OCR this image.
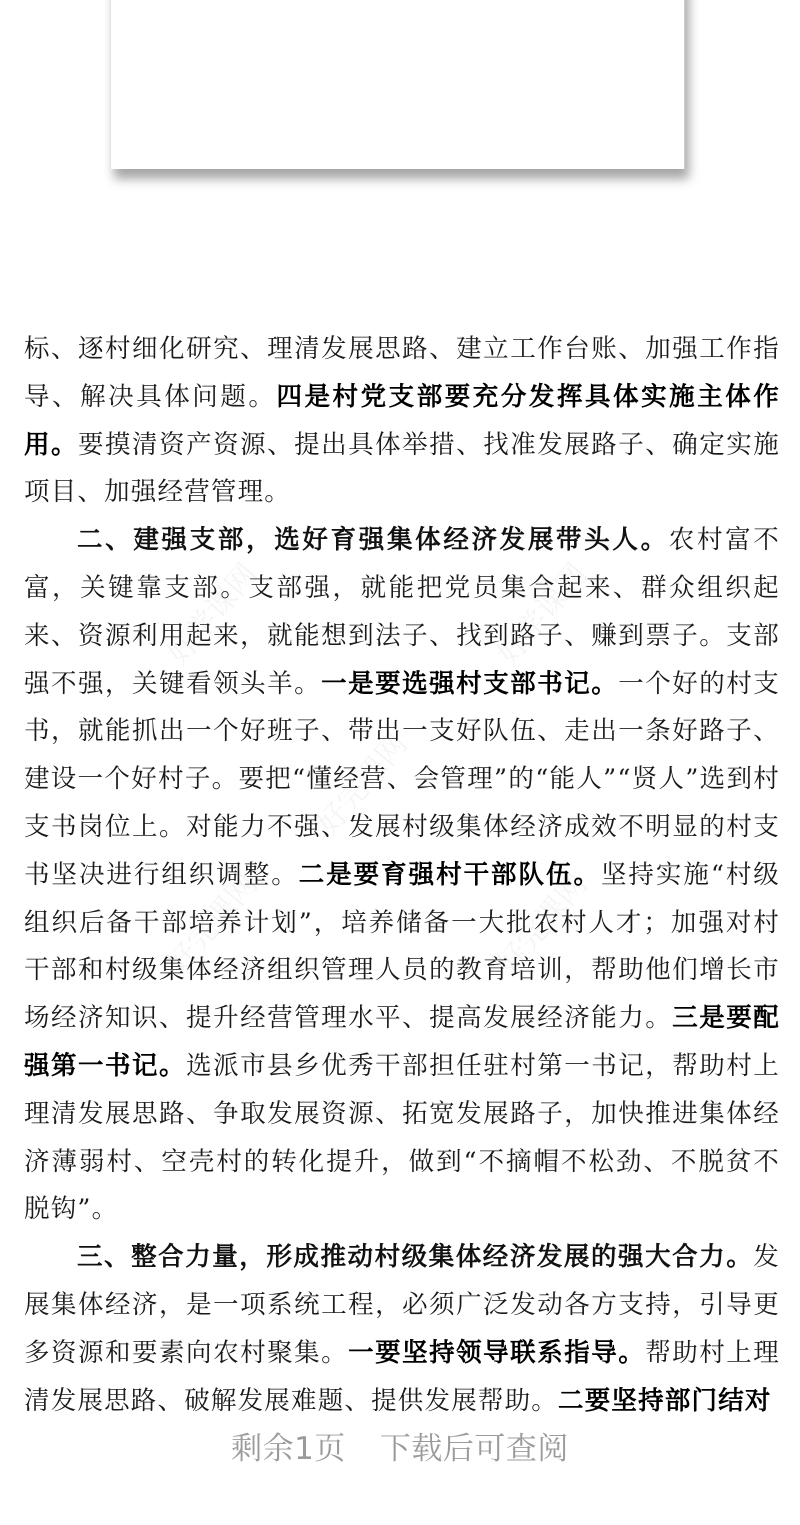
标、逐村细化研究、理清发展思路、建立工作台账、加强工作指导、解决具体问题。四是村党支部要充分发挥具体实施主体作用。要摸清资产资源、提出具体举措、找准发展路子、确定实施项目、加强经营管理。

二、建强支部，选好育强集体经济发展带头人。农村富不富，关键靠支部。支部强，就能把党员集合起来、群众组织起来、资源利用起来，就能想到法子、找到路子、赚到票子。支部强不强，关键看领头羊。一是要选强村支部书记。一个好的村支书，就能抓出一个好班子、带出一支好队伍、走出一条好路子、建设一个好村子。要把“懂经营、会管理”的“能人”“贤人”选到村支书岗位上。对能力不强、发展村级集体经济成效不明显的村支书坚决进行组织调整。二是要育强村干部队伍。坚持实施“村级组织后备干部培养计划”，培养储备一大批农村人才；加强对村干部和村级集体经济组织管理人员的教育培训，帮助他们增长市场经济知识、提升经营管理水平、提高发展经济能力。三是要配强第一书记。选派市县乡优秀干部担任驻村第一书记，帮助村上理清发展思路、争取发展资源、拓宽发展路子，加快推进集体经济薄弱村、空壳村的转化提升，做到“不摘帽不松劲、不脱贫不脱钩”。

三、整合力量，形成推动村级集体经济发展的强大合力。发展集体经济，是一项系统工程，必须广泛发动各方支持，引导更多资源和要素向农村聚集。一要坚持领导联系指导。帮助村上理清发展思路、破解发展难题、提供发展帮助。二要坚持部门结对

剩余1页 下载后可查阅
